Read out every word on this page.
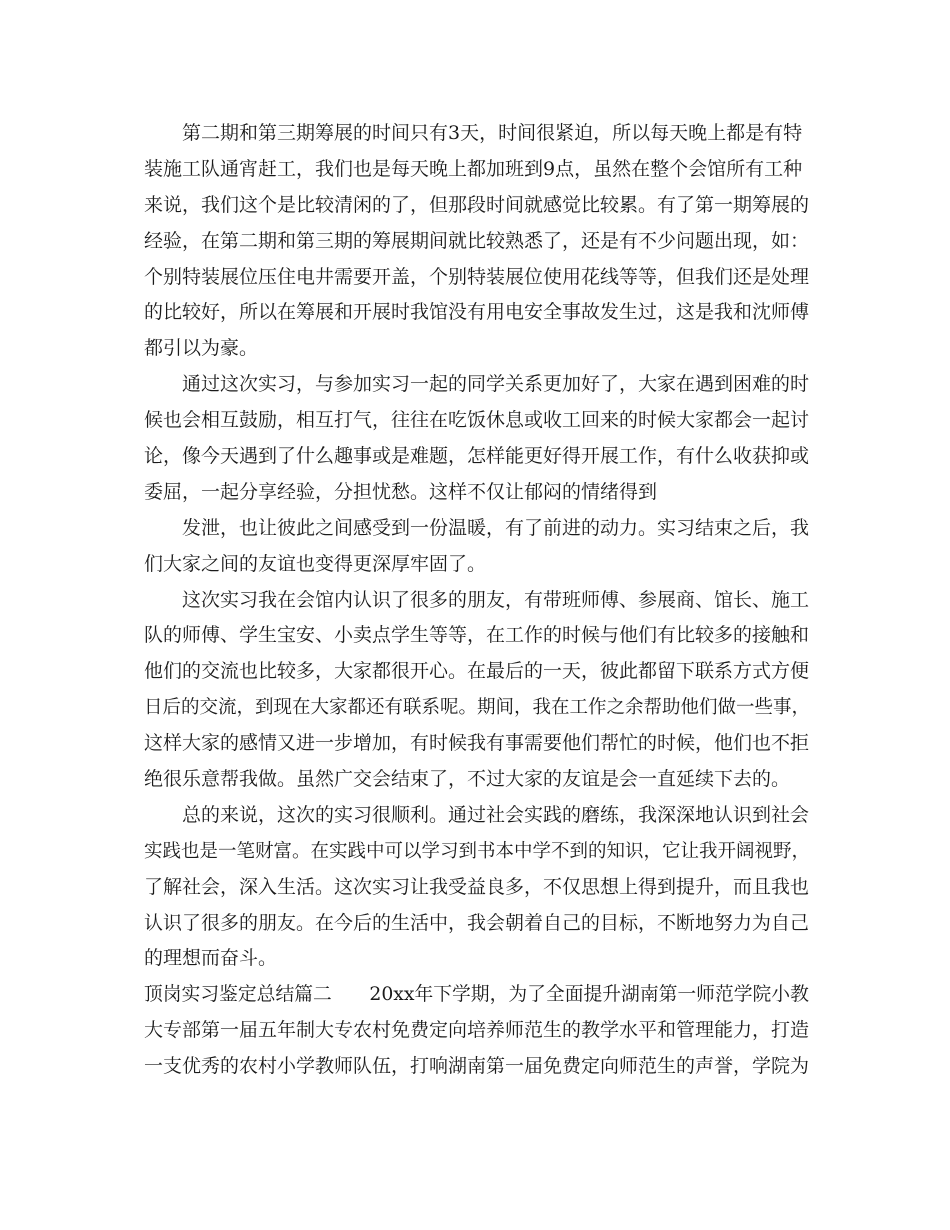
第二期和第三期筹展的时间只有3天，时间很紧迫，所以每天晚上都是有特
装施工队通宵赶工，我们也是每天晚上都加班到9点，虽然在整个会馆所有工种
来说，我们这个是比较清闲的了，但那段时间就感觉比较累。有了第一期筹展的
经验，在第二期和第三期的筹展期间就比较熟悉了，还是有不少问题出现，如：
个别特装展位压住电井需要开盖，个别特装展位使用花线等等，但我们还是处理
的比较好，所以在筹展和开展时我馆没有用电安全事故发生过，这是我和沈师傅
都引以为豪。
通过这次实习，与参加实习一起的同学关系更加好了，大家在遇到困难的时
候也会相互鼓励，相互打气，往往在吃饭休息或收工回来的时候大家都会一起讨
论，像今天遇到了什么趣事或是难题，怎样能更好得开展工作，有什么收获抑或
委屈，一起分享经验，分担忧愁。这样不仅让郁闷的情绪得到
发泄，也让彼此之间感受到一份温暖，有了前进的动力。实习结束之后，我
们大家之间的友谊也变得更深厚牢固了。
这次实习我在会馆内认识了很多的朋友，有带班师傅、参展商、馆长、施工
队的师傅、学生宝安、小卖点学生等等，在工作的时候与他们有比较多的接触和
他们的交流也比较多，大家都很开心。在最后的一天，彼此都留下联系方式方便
日后的交流，到现在大家都还有联系呢。期间，我在工作之余帮助他们做一些事，
这样大家的感情又进一步增加，有时候我有事需要他们帮忙的时候，他们也不拒
绝很乐意帮我做。虽然广交会结束了，不过大家的友谊是会一直延续下去的。
总的来说，这次的实习很顺利。通过社会实践的磨练，我深深地认识到社会
实践也是一笔财富。在实践中可以学习到书本中学不到的知识，它让我开阔视野，
了解社会，深入生活。这次实习让我受益良多，不仅思想上得到提升，而且我也
认识了很多的朋友。在今后的生活中，我会朝着自己的目标，不断地努力为自己
的理想而奋斗。
顶岗实习鉴定总结篇二　　20xx年下学期，为了全面提升湖南第一师范学院小教
大专部第一届五年制大专农村免费定向培养师范生的教学水平和管理能力，打造
一支优秀的农村小学教师队伍，打响湖南第一届免费定向师范生的声誉，学院为
